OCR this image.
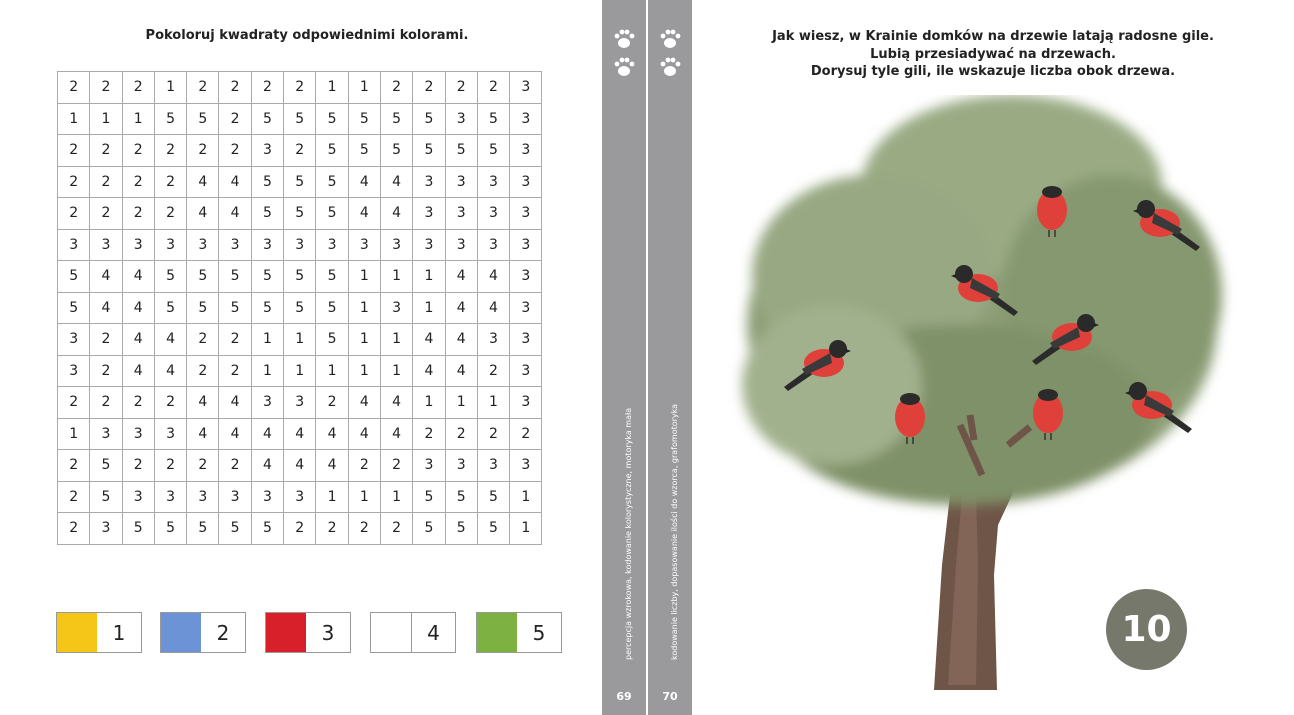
Pokoloruj kwadraty odpowiednimi kolorami.
2	2	2	1	2	2	2	2	1	1	2	2	2	2	3
1	1	1	5	5	2	5	5	5	5	5	5	3	5	3
2	2	2	2	2	2	3	2	5	5	5	5	5	5	3
2	2	2	2	4	4	5	5	5	4	4	3	3	3	3
2	2	2	2	4	4	5	5	5	4	4	3	3	3	3
3	3	3	3	3	3	3	3	3	3	3	3	3	3	3
5	4	4	5	5	5	5	5	5	1	1	1	4	4	3
5	4	4	5	5	5	5	5	5	1	3	1	4	4	3
3	2	4	4	2	2	1	1	5	1	1	4	4	3	3
3	2	4	4	2	2	1	1	1	1	1	4	4	2	3
2	2	2	2	4	4	3	3	2	4	4	1	1	1	3
1	3	3	3	4	4	4	4	4	4	4	2	2	2	2
2	5	2	2	2	2	4	4	4	2	2	3	3	3	3
2	5	3	3	3	3	3	3	1	1	1	5	5	5	1
2	3	5	5	5	5	5	2	2	2	2	5	5	5	1
1	2	3	4	5	percepcja wzrokowa, kodowanie kolorystyczne, motoryka mała
69
kodowanie liczby, dopasowanie ilości do wzorca, grafomotoryka
70
Jak wiesz, w Krainie domków na drzewie latają radosne gile.
Lubią przesiadywać na drzewach.
Dorysuj tyle gili, ile wskazuje liczba obok drzewa.
10
